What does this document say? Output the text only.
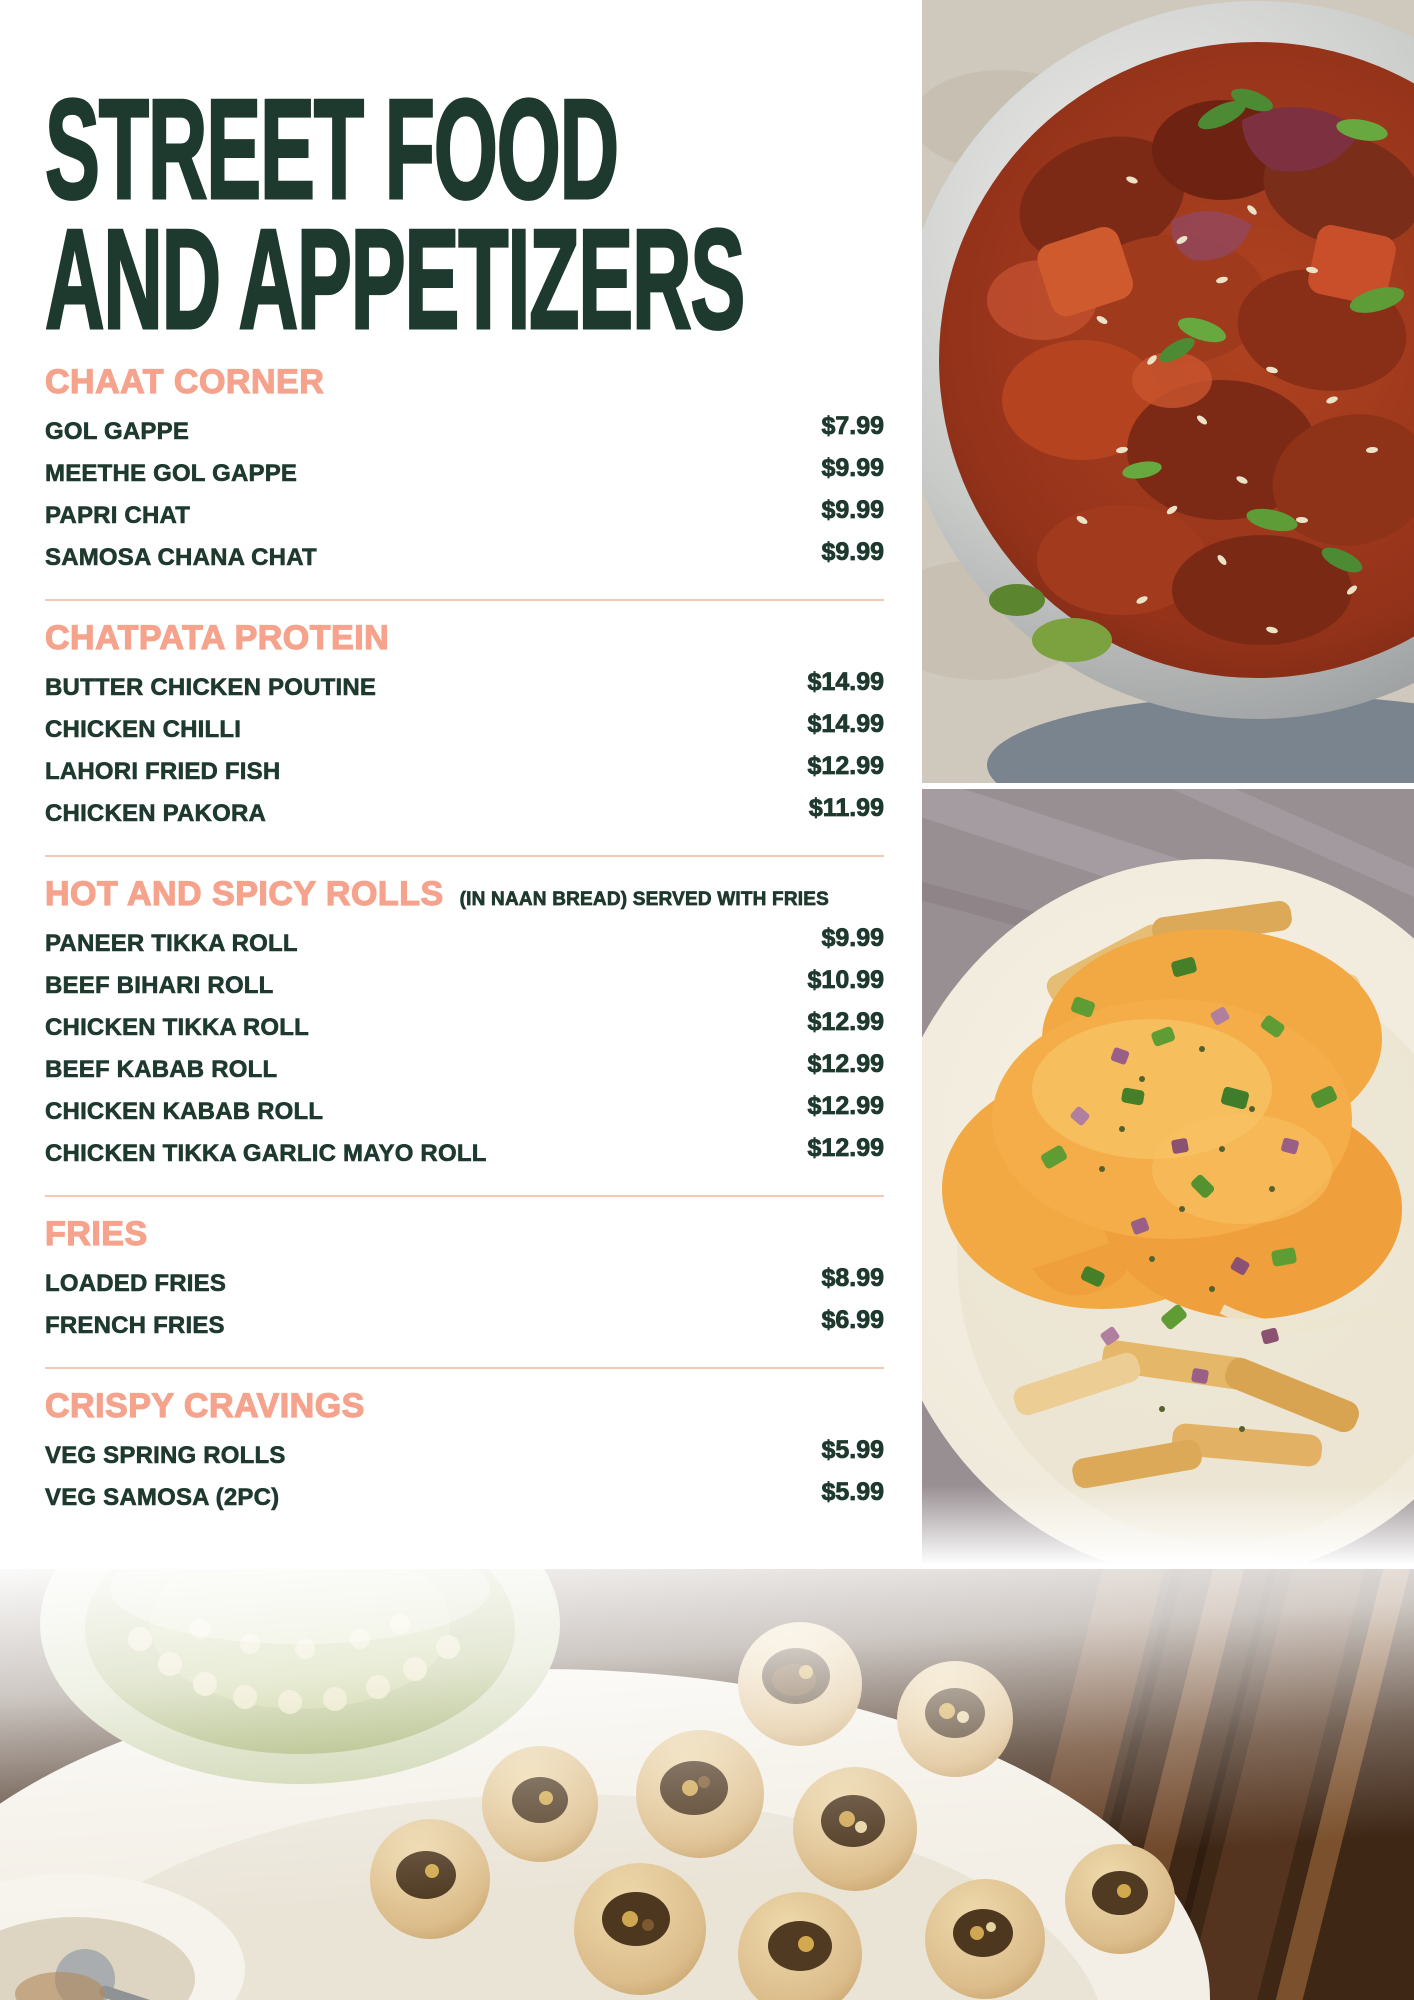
STREET FOOD
AND APPETIZERS
CHAAT CORNER
GOL GAPPE	$7.99
MEETHE GOL GAPPE	$9.99
PAPRI CHAT	$9.99
SAMOSA CHANA CHAT	$9.99
CHATPATA PROTEIN
BUTTER CHICKEN POUTINE	$14.99
CHICKEN CHILLI	$14.99
LAHORI FRIED FISH	$12.99
CHICKEN PAKORA	$11.99
HOT AND SPICY ROLLS (IN NAAN BREAD) SERVED WITH FRIES
PANEER TIKKA ROLL	$9.99
BEEF BIHARI ROLL	$10.99
CHICKEN TIKKA ROLL	$12.99
BEEF KABAB ROLL	$12.99
CHICKEN KABAB ROLL	$12.99
CHICKEN TIKKA GARLIC MAYO ROLL	$12.99
FRIES
LOADED FRIES	$8.99
FRENCH FRIES	$6.99
CRISPY CRAVINGS
VEG SPRING ROLLS	$5.99
VEG SAMOSA (2PC)	$5.99
